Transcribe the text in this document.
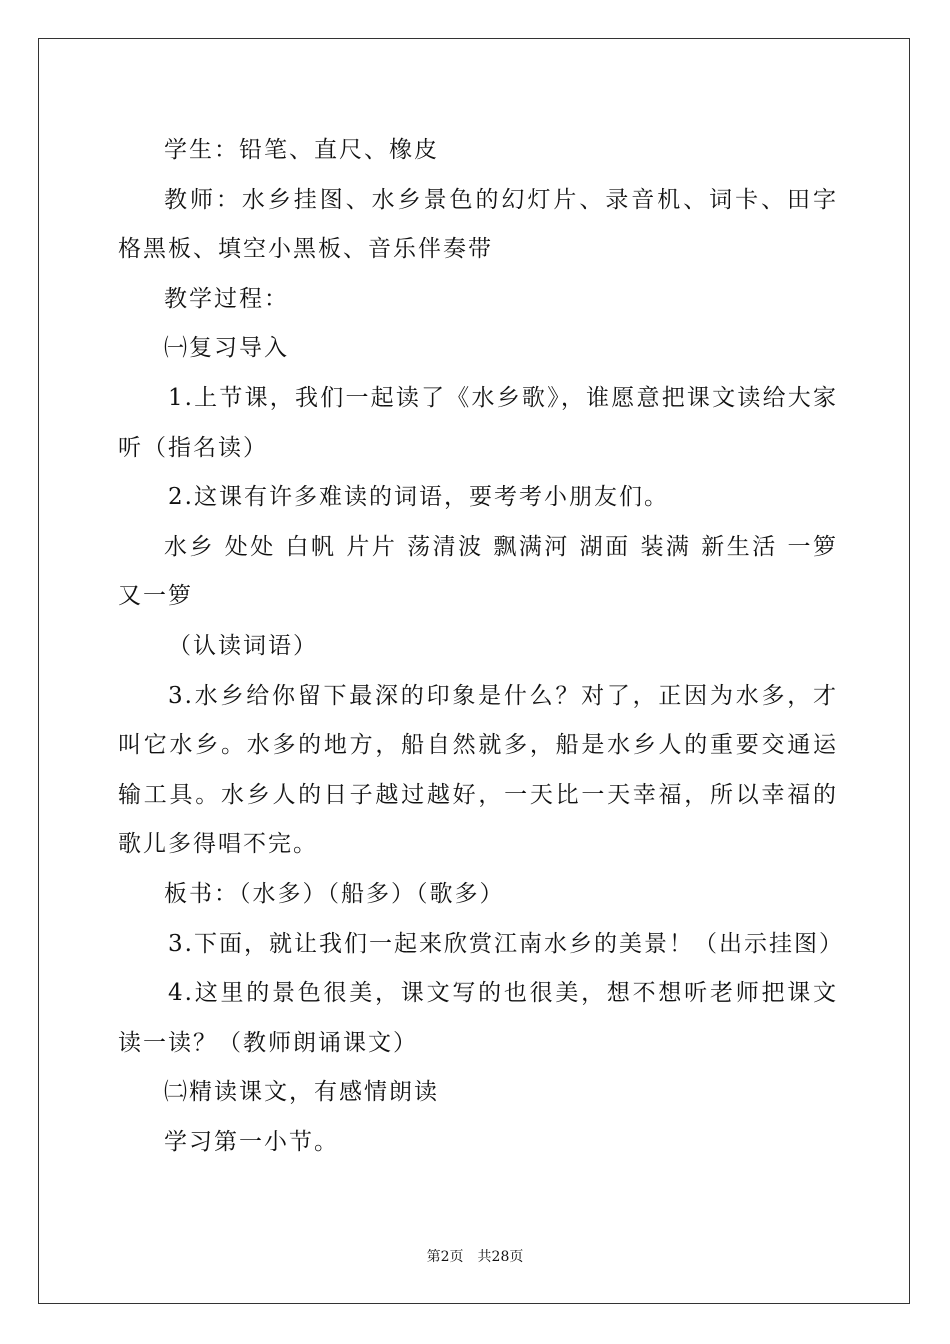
学生：铅笔、直尺、橡皮

教师：水乡挂图、水乡景色的幻灯片、录音机、词卡、田字格黑板、填空小黑板、音乐伴奏带

教学过程：

㈠复习导入

1.上节课，我们一起读了《水乡歌》，谁愿意把课文读给大家听（指名读）

2.这课有许多难读的词语，要考考小朋友们。

水乡 处处 白帆 片片 荡清波 飘满河 湖面 装满 新生活 一箩又一箩

（认读词语）

3.水乡给你留下最深的印象是什么？对了，正因为水多，才叫它水乡。水多的地方，船自然就多，船是水乡人的重要交通运输工具。水乡人的日子越过越好，一天比一天幸福，所以幸福的歌儿多得唱不完。

板书：（水多）（船多）（歌多）

3.下面，就让我们一起来欣赏江南水乡的美景！（出示挂图）

4.这里的景色很美，课文写的也很美，想不想听老师把课文读一读？（教师朗诵课文）

㈡精读课文，有感情朗读

学习第一小节。

第2页 共28页
